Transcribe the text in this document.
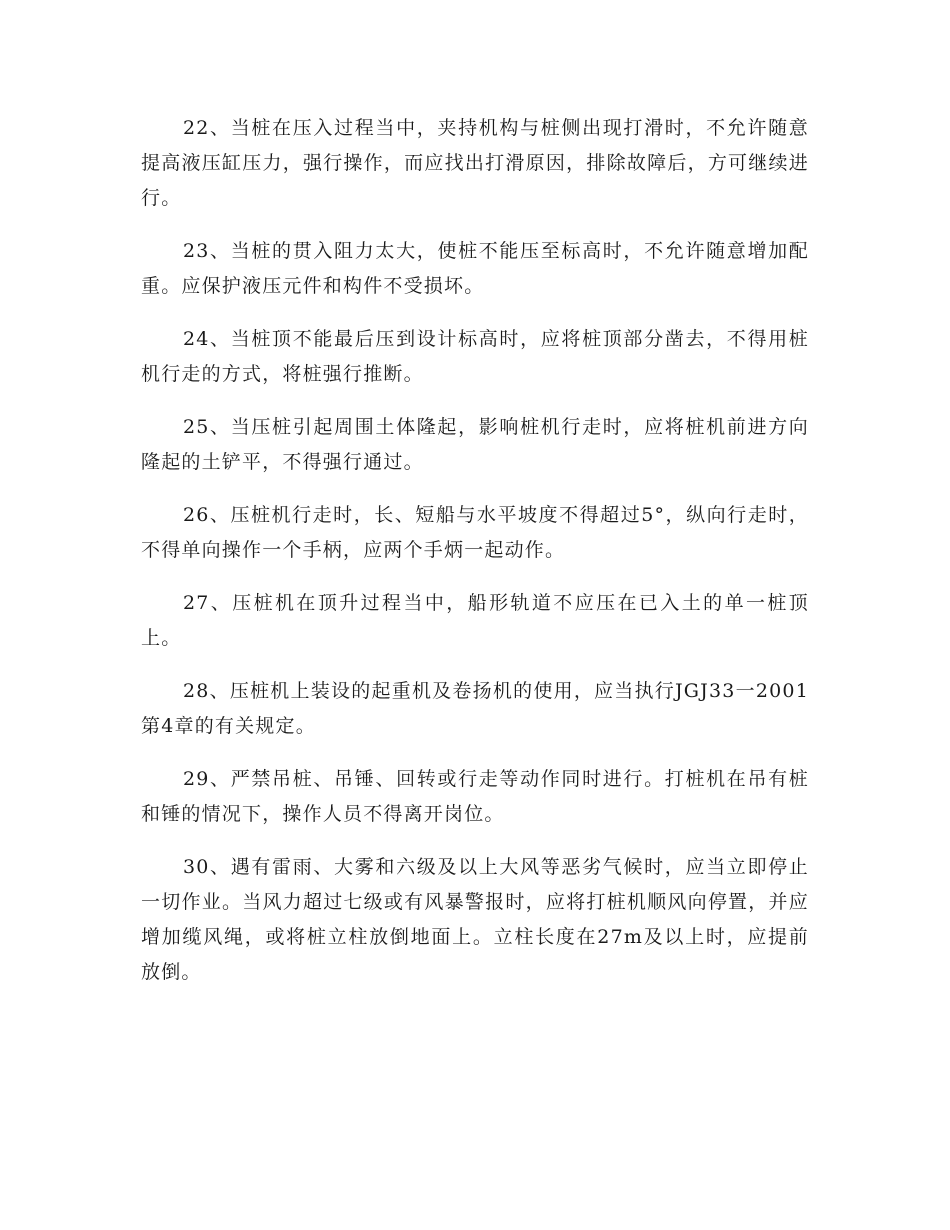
22、当桩在压入过程当中，夹持机构与桩侧出现打滑时，不允许随意提高液压缸压力，强行操作，而应找出打滑原因，排除故障后，方可继续进行。

23、当桩的贯入阻力太大，使桩不能压至标高时，不允许随意增加配重。应保护液压元件和构件不受损坏。

24、当桩顶不能最后压到设计标高时，应将桩顶部分凿去，不得用桩机行走的方式，将桩强行推断。

25、当压桩引起周围土体隆起，影响桩机行走时，应将桩机前进方向隆起的土铲平，不得强行通过。

26、压桩机行走时，长、短船与水平坡度不得超过5°，纵向行走时，不得单向操作一个手柄，应两个手炳一起动作。

27、压桩机在顶升过程当中，船形轨道不应压在已入土的单一桩顶上。

28、压桩机上装设的起重机及卷扬机的使用，应当执行JGJ33一2001第4章的有关规定。

29、严禁吊桩、吊锤、回转或行走等动作同时进行。打桩机在吊有桩和锤的情况下，操作人员不得离开岗位。

30、遇有雷雨、大雾和六级及以上大风等恶劣气候时，应当立即停止一切作业。当风力超过七级或有风暴警报时，应将打桩机顺风向停置，并应增加缆风绳，或将桩立柱放倒地面上。立柱长度在27m及以上时，应提前放倒。
